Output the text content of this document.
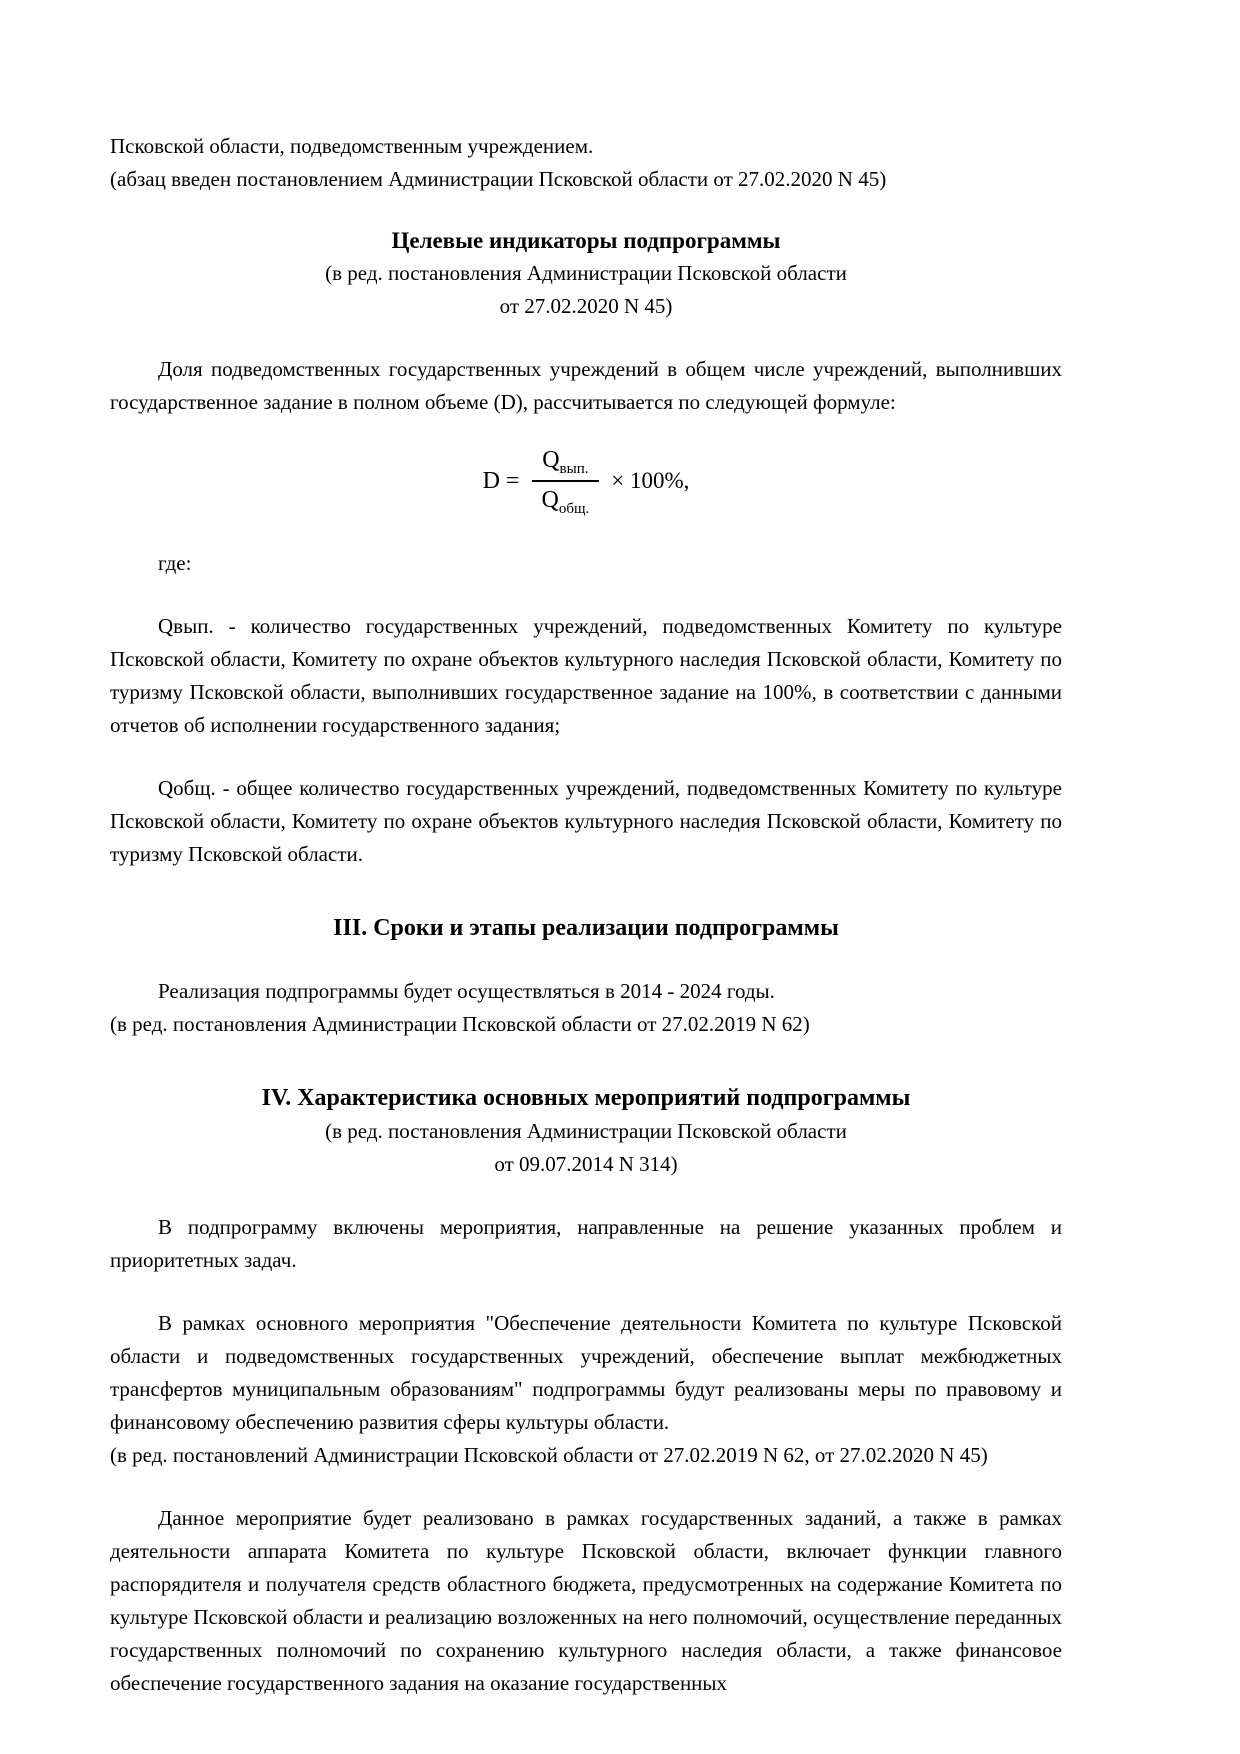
Псковской области, подведомственным учреждением.

(абзац введен постановлением Администрации Псковской области от 27.02.2020 N 45)

Целевые индикаторы подпрограммы

(в ред. постановления Администрации Псковской области

от 27.02.2020 N 45)

Доля подведомственных государственных учреждений в общем числе учреждений, выполнивших государственное задание в полном объеме (D), рассчитывается по следующей формуле:

$D = \frac{Q_{вып.}}{Q_{общ.}} \times 100\%$,

где:

Qвып. - количество государственных учреждений, подведомственных Комитету по культуре Псковской области, Комитету по охране объектов культурного наследия Псковской области, Комитету по туризму Псковской области, выполнивших государственное задание на 100%, в соответствии с данными отчетов об исполнении государственного задания;

Qобщ. - общее количество государственных учреждений, подведомственных Комитету по культуре Псковской области, Комитету по охране объектов культурного наследия Псковской области, Комитету по туризму Псковской области.

III. Сроки и этапы реализации подпрограммы

Реализация подпрограммы будет осуществляться в 2014 - 2024 годы.

(в ред. постановления Администрации Псковской области от 27.02.2019 N 62)

IV. Характеристика основных мероприятий подпрограммы

(в ред. постановления Администрации Псковской области

от 09.07.2014 N 314)

В подпрограмму включены мероприятия, направленные на решение указанных проблем и приоритетных задач.

В рамках основного мероприятия "Обеспечение деятельности Комитета по культуре Псковской области и подведомственных государственных учреждений, обеспечение выплат межбюджетных трансфертов муниципальным образованиям" подпрограммы будут реализованы меры по правовому и финансовому обеспечению развития сферы культуры области.

(в ред. постановлений Администрации Псковской области от 27.02.2019 N 62, от 27.02.2020 N 45)

Данное мероприятие будет реализовано в рамках государственных заданий, а также в рамках деятельности аппарата Комитета по культуре Псковской области, включает функции главного распорядителя и получателя средств областного бюджета, предусмотренных на содержание Комитета по культуре Псковской области и реализацию возложенных на него полномочий, осуществление переданных государственных полномочий по сохранению культурного наследия области, а также финансовое обеспечение государственного задания на оказание государственных
